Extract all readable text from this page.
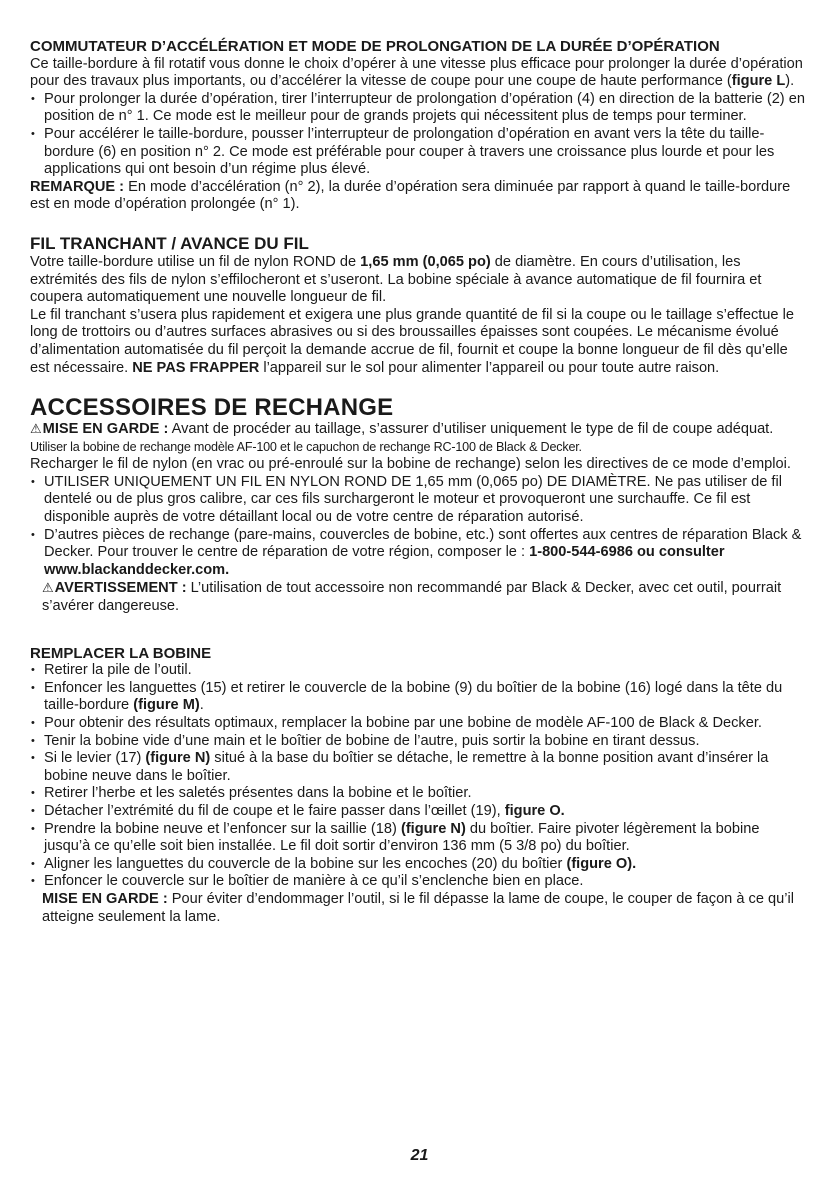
COMMUTATEUR D’ACCÉLÉRATION ET MODE DE PROLONGATION DE LA DURÉE D’OPÉRATION

Ce taille-bordure à fil rotatif vous donne le choix d’opérer à une vitesse plus efficace pour prolonger la durée d’opération pour des travaux plus importants, ou d’accélérer la vitesse de coupe pour une coupe de haute performance (figure L).

• Pour prolonger la durée d’opération, tirer l’interrupteur de prolongation d’opération (4) en direction de la batterie (2) en position de n° 1. Ce mode est le meilleur pour de grands projets qui nécessitent plus de temps pour terminer.
• Pour accélérer le taille-bordure, pousser l’interrupteur de prolongation d’opération en avant vers la tête du taille-bordure (6) en position n° 2. Ce mode est préférable pour couper à travers une croissance plus lourde et pour les applications qui ont besoin d’un régime plus élevé.

REMARQUE : En mode d’accélération (n° 2), la durée d’opération sera diminuée par rapport à quand le taille-bordure est en mode d’opération prolongée (n° 1).

FIL TRANCHANT / AVANCE DU FIL

Votre taille-bordure utilise un fil de nylon ROND de 1,65 mm (0,065 po) de diamètre. En cours d’utilisation, les extrémités des fils de nylon s’effilocheront et s’useront. La bobine spéciale à avance automatique de fil fournira et coupera automatiquement une nouvelle longueur de fil.

Le fil tranchant s’usera plus rapidement et exigera une plus grande quantité de fil si la coupe ou le taillage s’effectue le long de trottoirs ou d’autres surfaces abrasives ou si des broussailles épaisses sont coupées. Le mécanisme évolué d’alimentation automatisée du fil perçoit la demande accrue de fil, fournit et coupe la bonne longueur de fil dès qu’elle est nécessaire. NE PAS FRAPPER l’appareil sur le sol pour alimenter l’appareil ou pour toute autre raison.

ACCESSOIRES DE RECHANGE

⚠MISE EN GARDE : Avant de procéder au taillage, s’assurer d’utiliser uniquement le type de fil de coupe adéquat.

Utiliser la bobine de rechange modèle AF-100 et le capuchon de rechange RC-100 de Black & Decker.

Recharger le fil de nylon (en vrac ou pré-enroulé sur la bobine de rechange) selon les directives de ce mode d’emploi.

• UTILISER UNIQUEMENT UN FIL EN NYLON ROND DE 1,65 mm (0,065 po) DE DIAMÈTRE. Ne pas utiliser de fil dentelé ou de plus gros calibre, car ces fils surchargeront le moteur et provoqueront une surchauffe. Ce fil est disponible auprès de votre détaillant local ou de votre centre de réparation autorisé.
• D’autres pièces de rechange (pare-mains, couvercles de bobine, etc.) sont offertes aux centres de réparation Black & Decker. Pour trouver le centre de réparation de votre région, composer le : 1-800-544-6986 ou consulter www.blackanddecker.com.

⚠AVERTISSEMENT : L’utilisation de tout accessoire non recommandé par Black & Decker, avec cet outil, pourrait s’avérer dangereuse.

REMPLACER LA BOBINE

• Retirer la pile de l’outil.
• Enfoncer les languettes (15) et retirer le couvercle de la bobine (9) du boîtier de la bobine (16) logé dans la tête du taille-bordure (figure M).
• Pour obtenir des résultats optimaux, remplacer la bobine par une bobine de modèle AF-100 de Black & Decker.
• Tenir la bobine vide d’une main et le boîtier de bobine de l’autre, puis sortir la bobine en tirant dessus.
• Si le levier (17) (figure N) situé à la base du boîtier se détache, le remettre à la bonne position avant d’insérer la bobine neuve dans le boîtier.
• Retirer l’herbe et les saletés présentes dans la bobine et le boîtier.
• Détacher l’extrémité du fil de coupe et le faire passer dans l’œillet (19), figure O.
• Prendre la bobine neuve et l’enfoncer sur la saillie (18) (figure N) du boîtier. Faire pivoter légèrement la bobine jusqu’à ce qu’elle soit bien installée. Le fil doit sortir d’environ 136 mm (5 3/8 po) du boîtier.
• Aligner les languettes du couvercle de la bobine sur les encoches (20) du boîtier (figure O).
• Enfoncer le couvercle sur le boîtier de manière à ce qu’il s’enclenche bien en place.

MISE EN GARDE : Pour éviter d’endommager l’outil, si le fil dépasse la lame de coupe, le couper de façon à ce qu’il atteigne seulement la lame.

21
